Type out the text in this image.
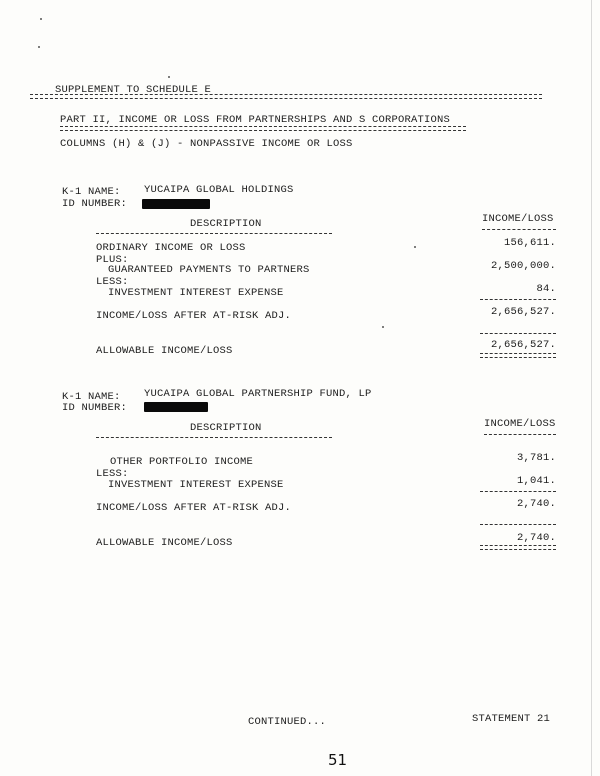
SUPPLEMENT TO SCHEDULE E
PART II, INCOME OR LOSS FROM PARTNERSHIPS AND S CORPORATIONS
COLUMNS (H) & (J) - NONPASSIVE INCOME OR LOSS
K-1 NAME: YUCAIPA GLOBAL HOLDINGS
ID NUMBER:
DESCRIPTION	INCOME/LOSS
ORDINARY INCOME OR LOSS	156,611.
PLUS:
GUARANTEED PAYMENTS TO PARTNERS	2,500,000.
LESS:
INVESTMENT INTEREST EXPENSE	84.
INCOME/LOSS AFTER AT-RISK ADJ.	2,656,527.
ALLOWABLE INCOME/LOSS	2,656,527.
K-1 NAME: YUCAIPA GLOBAL PARTNERSHIP FUND, LP
ID NUMBER:
DESCRIPTION	INCOME/LOSS
OTHER PORTFOLIO INCOME	3,781.
LESS:
INVESTMENT INTEREST EXPENSE	1,041.
INCOME/LOSS AFTER AT-RISK ADJ.	2,740.
ALLOWABLE INCOME/LOSS	2,740.
CONTINUED...	STATEMENT 21
51
